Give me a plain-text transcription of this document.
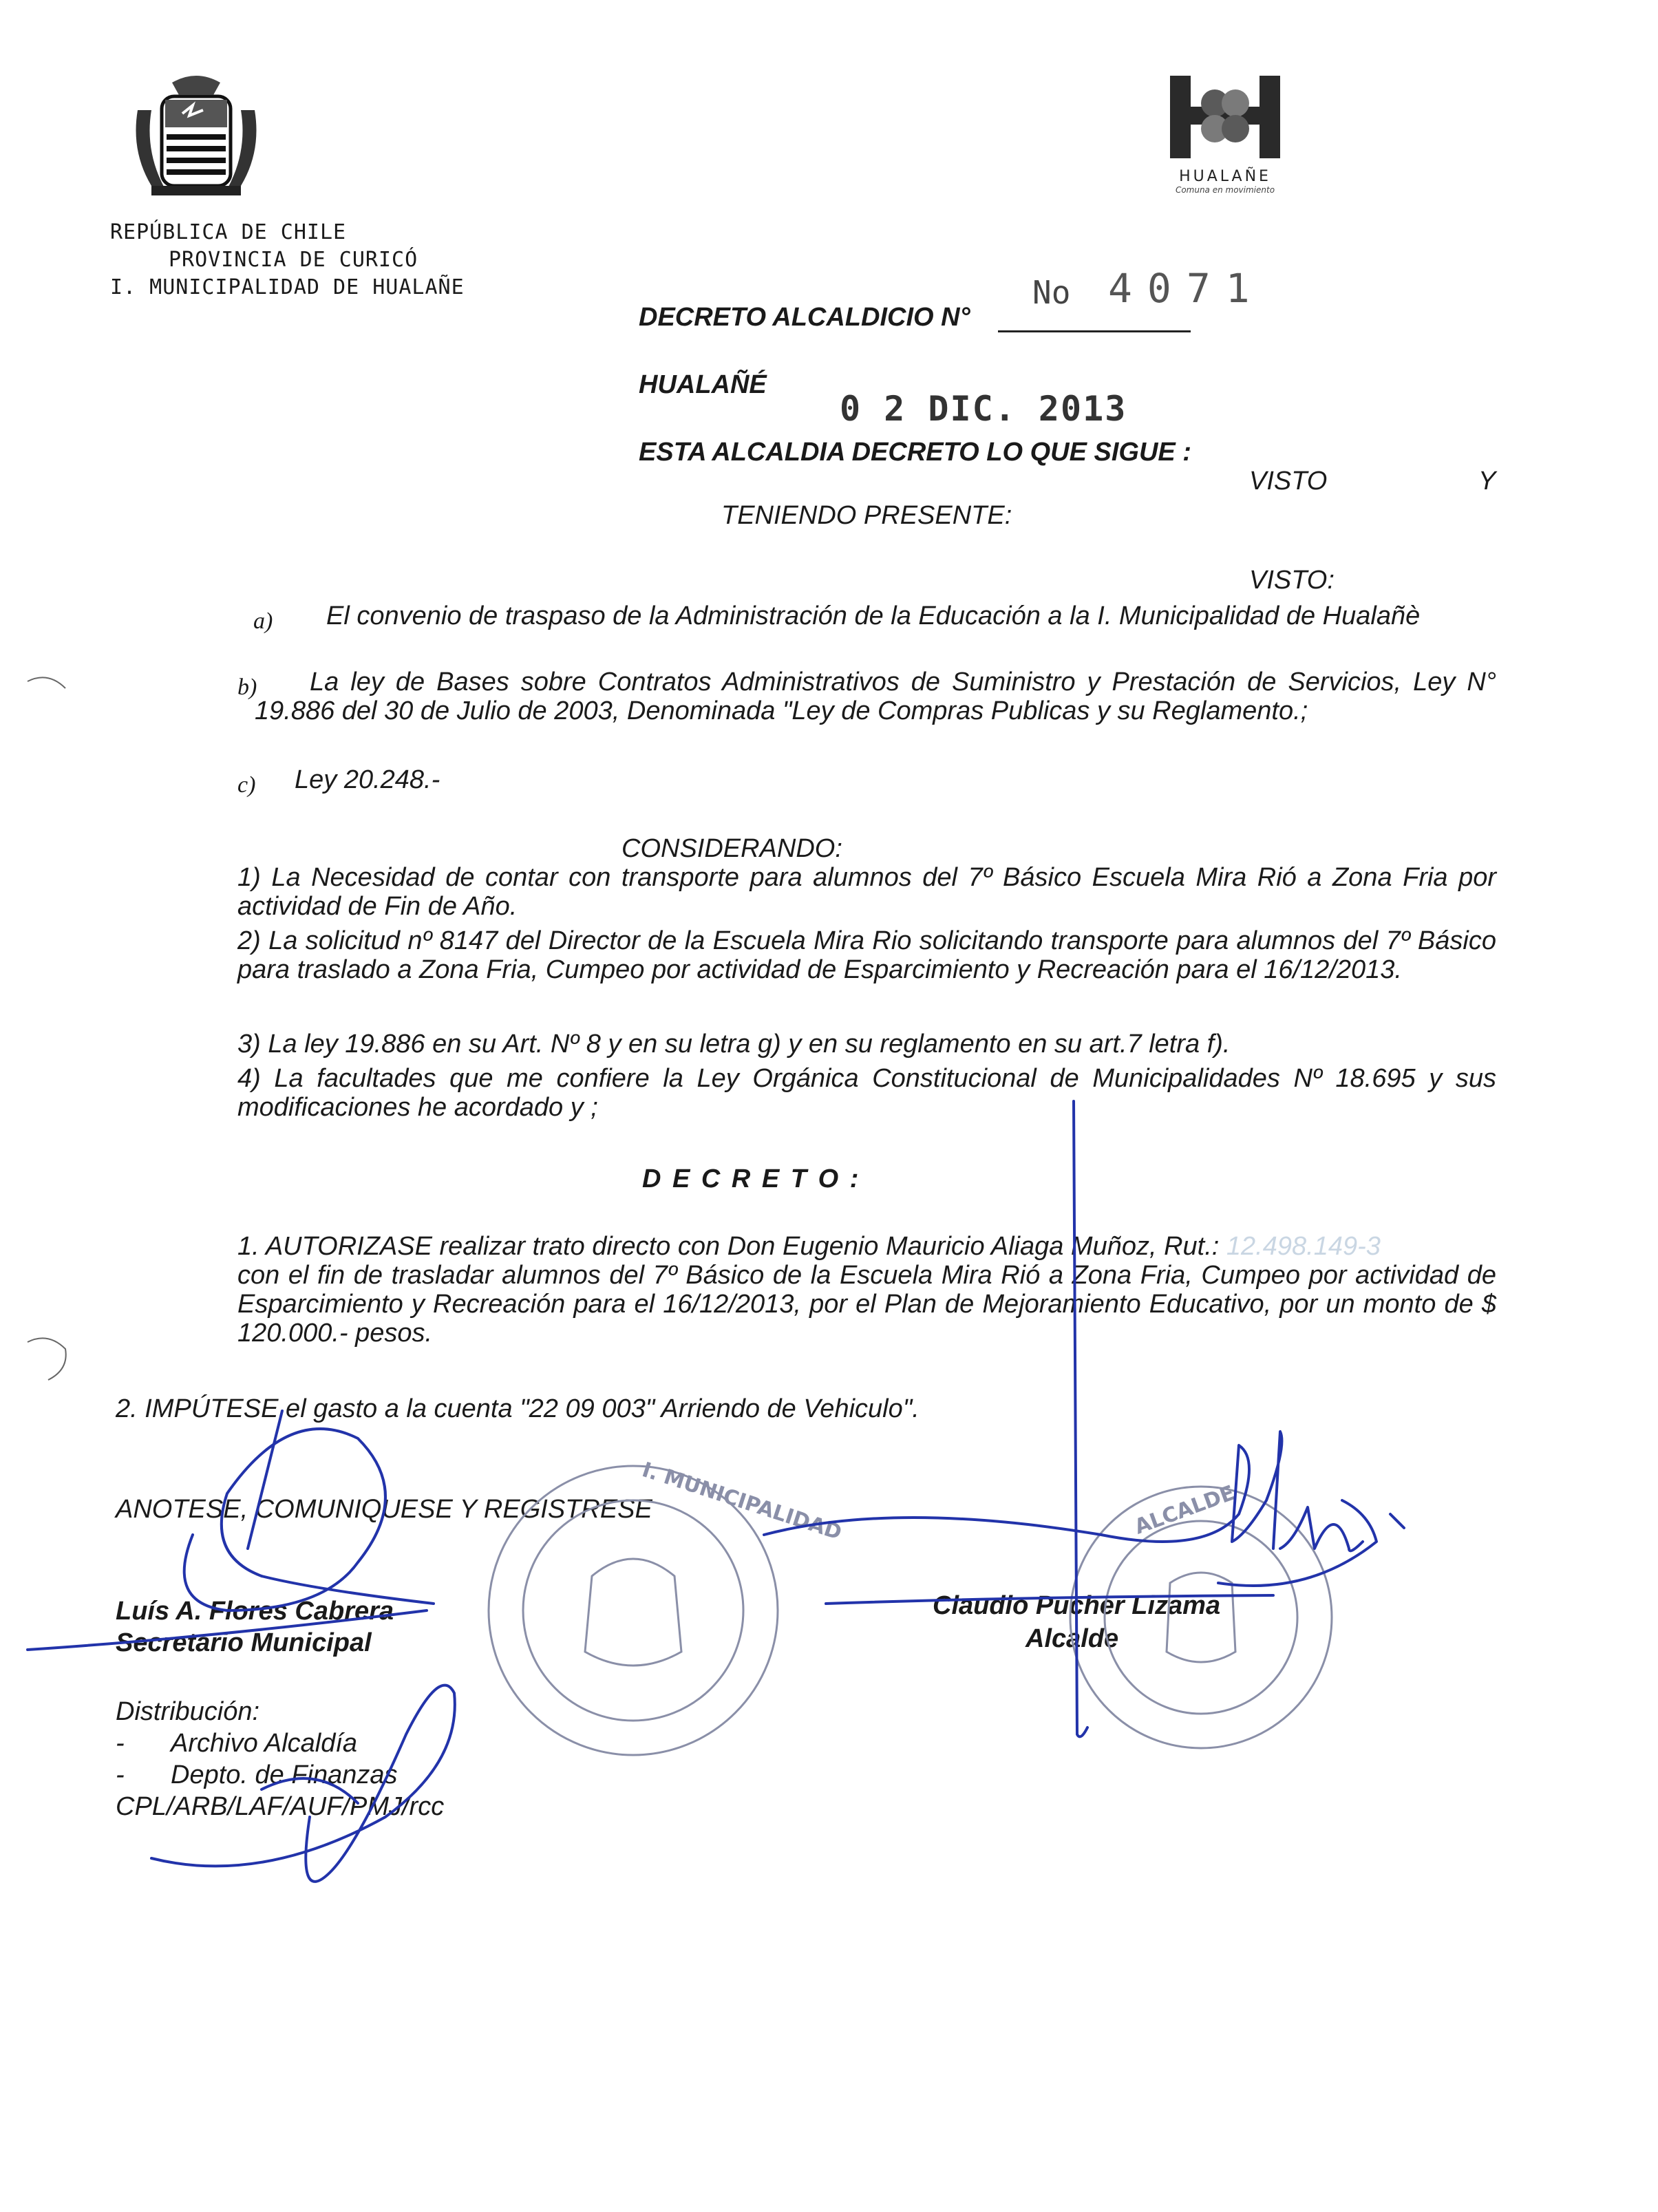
REPÚBLICA DE CHILE
PROVINCIA DE CURICÓ
I. MUNICIPALIDAD DE HUALAÑE
HUALAÑE
Comuna en movimiento
DECRETO ALCALDICIO N°
No 4071
HUALAÑÉ
0 2 DIC. 2013
ESTA ALCALDIA DECRETO LO QUE SIGUE :
VISTO	Y
TENIENDO PRESENTE:
VISTO:
a)	El convenio de traspaso de la Administración de la Educación a la I. Municipalidad de Hualañè
b)	La ley de Bases sobre Contratos Administrativos de Suministro y Prestación de Servicios, Ley N° 19.886 del 30 de Julio de 2003, Denominada "Ley de Compras Publicas y su Reglamento.;
c) Ley 20.248.-
CONSIDERANDO:
1) La Necesidad de contar con transporte para alumnos del 7º Básico Escuela Mira Rió a Zona Fria por actividad de Fin de Año.
2) La solicitud nº 8147 del Director de la Escuela Mira Rio solicitando transporte para alumnos del 7º Básico para traslado a Zona Fria, Cumpeo por actividad de Esparcimiento y Recreación para el 16/12/2013.
3) La ley 19.886 en su Art. Nº 8 y en su letra g) y en su reglamento en su art.7 letra f).
4) La facultades que me confiere la Ley Orgánica Constitucional de Municipalidades Nº 18.695 y sus modificaciones he acordado y ;
D E C R E T O :
1. AUTORIZASE realizar trato directo con Don Eugenio Mauricio Aliaga Muñoz, Rut.: 12.498.149-3
con el fin de trasladar alumnos del 7º Básico de la Escuela Mira Rió a Zona Fria, Cumpeo por actividad de Esparcimiento y Recreación para el 16/12/2013, por el Plan de Mejoramiento Educativo, por un monto de $ 120.000.- pesos.
2. IMPÚTESE el gasto a la cuenta "22 09 003" Arriendo de Vehiculo".
ANOTESE, COMUNIQUESE Y REGISTRESE
Luís A. Flores Cabrera
Secretario Municipal
Claudio Pucher Lizama
Alcalde
Distribución:
- Archivo Alcaldía
- Depto. de Finanzas
CPL/ARB/LAF/AUF/PMJ/rcc
I. MUNICIPALIDAD	ALCALDE
